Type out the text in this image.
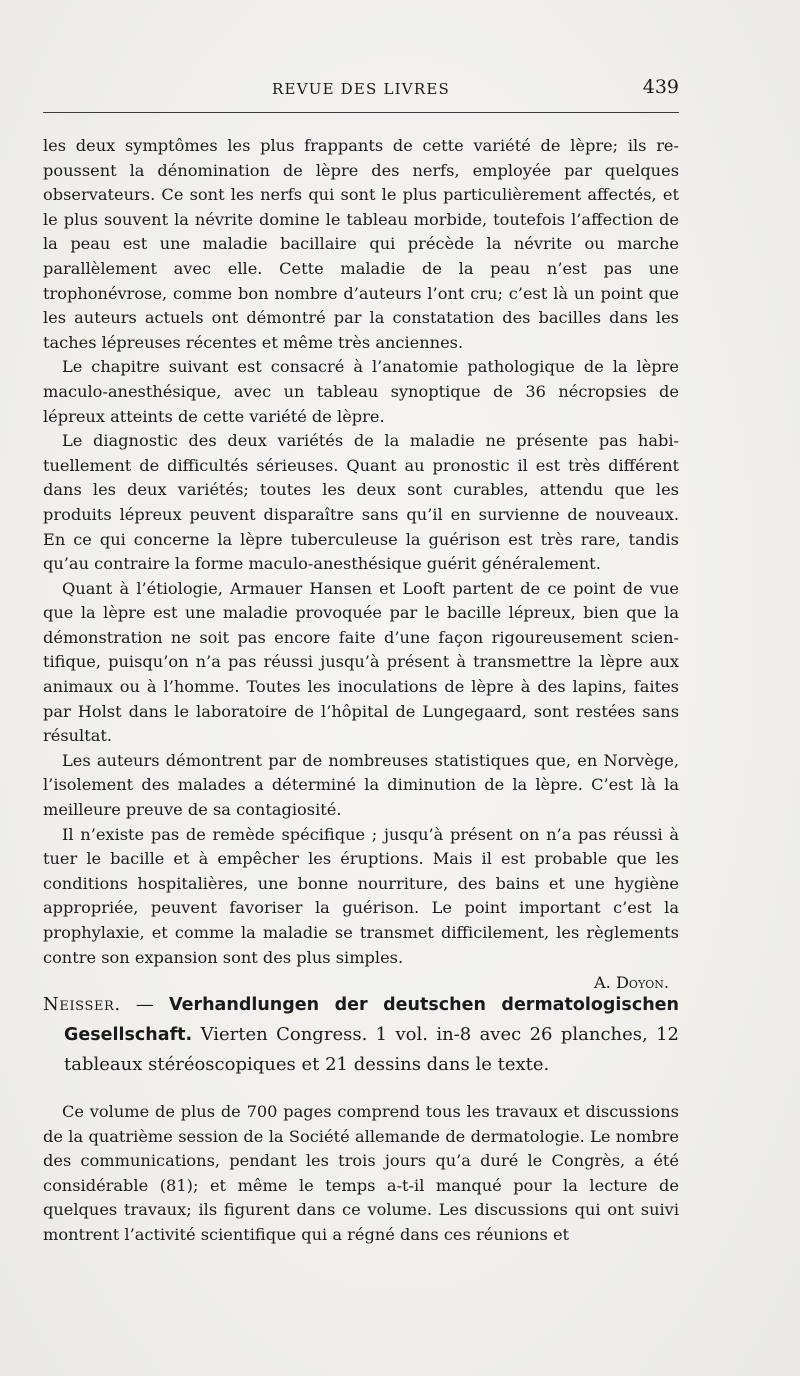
REVUE DES LIVRES	439

les deux symptômes les plus frappants de cette variété de lèpre; ils repoussent la dénomination de lèpre des nerfs, employée par quelques observateurs. Ce sont les nerfs qui sont le plus particulièrement affectés, et le plus souvent la névrite domine le tableau morbide, toutefois l’affection de la peau est une maladie bacillaire qui précède la névrite ou marche parallèlement avec elle. Cette maladie de la peau n’est pas une trophonévrose, comme bon nombre d’auteurs l’ont cru; c’est là un point que les auteurs actuels ont démontré par la constatation des bacilles dans les taches lépreuses récentes et même très anciennes.

Le chapitre suivant est consacré à l’anatomie pathologique de la lèpre maculo-anesthésique, avec un tableau synoptique de 36 nécropsies de lépreux atteints de cette variété de lèpre.

Le diagnostic des deux variétés de la maladie ne présente pas habituellement de difficultés sérieuses. Quant au pronostic il est très différent dans les deux variétés; toutes les deux sont curables, attendu que les produits lépreux peuvent disparaître sans qu’il en survienne de nouveaux. En ce qui concerne la lèpre tuberculeuse la guérison est très rare, tandis qu’au contraire la forme maculo-anesthésique guérit généralement.

Quant à l’étiologie, Armauer Hansen et Looft partent de ce point de vue que la lèpre est une maladie provoquée par le bacille lépreux, bien que la démonstration ne soit pas encore faite d’une façon rigoureusement scientifique, puisqu’on n’a pas réussi jusqu’à présent à transmettre la lèpre aux animaux ou à l’homme. Toutes les inoculations de lèpre à des lapins, faites par Holst dans le laboratoire de l’hôpital de Lungegaard, sont restées sans résultat.

Les auteurs démontrent par de nombreuses statistiques que, en Norvège, l’isolement des malades a déterminé la diminution de la lèpre. C’est là la meilleure preuve de sa contagiosité.

Il n’existe pas de remède spécifique ; jusqu’à présent on n’a pas réussi à tuer le bacille et à empêcher les éruptions. Mais il est probable que les conditions hospitalières, une bonne nourriture, des bains et une hygiène appropriée, peuvent favoriser la guérison. Le point important c’est la prophylaxie, et comme la maladie se transmet difficilement, les règlements contre son expansion sont des plus simples.

A. Doyon.
Neisser. — Verhandlungen der deutschen dermatologischen Gesellschaft. Vierten Congress. 1 vol. in-8 avec 26 planches, 12 tableaux stéréoscopiques et 21 dessins dans le texte.

Ce volume de plus de 700 pages comprend tous les travaux et discussions de la quatrième session de la Société allemande de dermatologie. Le nombre des communications, pendant les trois jours qu’a duré le Congrès, a été considérable (81); et même le temps a-t-il manqué pour la lecture de quelques travaux; ils figurent dans ce volume. Les discussions qui ont suivi montrent l’activité scientifique qui a régné dans ces réunions et
